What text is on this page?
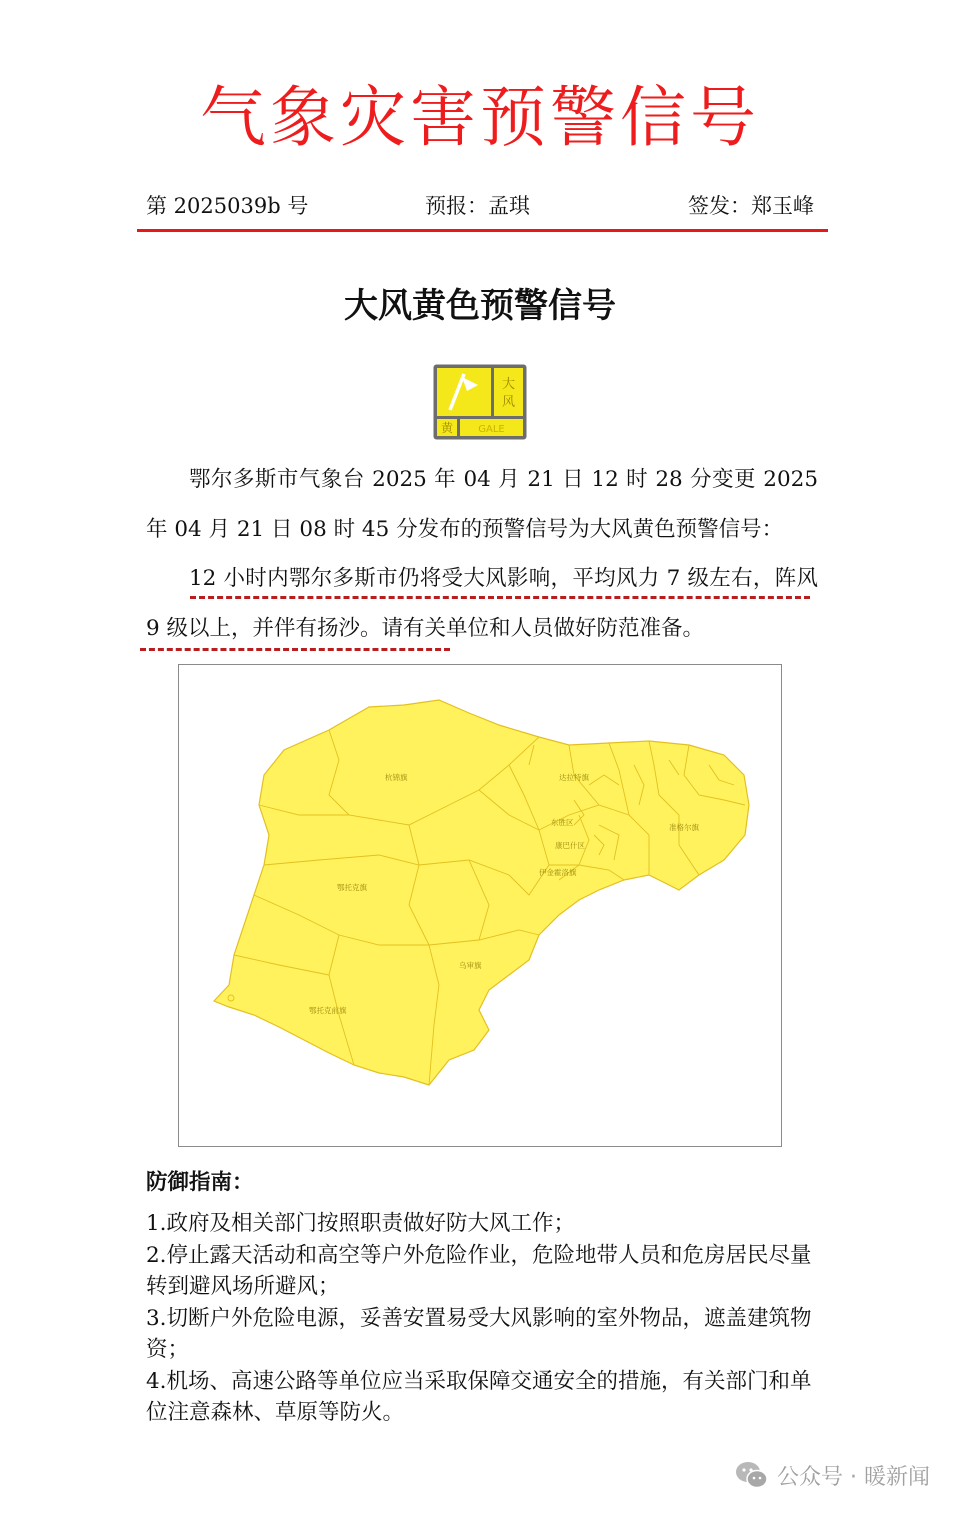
气象灾害预警信号
第 2025039b 号	预报：孟琪	签发：郑玉峰
大风黄色预警信号
大
风
黄	GALE
鄂尔多斯市气象台 2025 年 04 月 21 日 12 时 28 分变更 2025 年 04 月 21 日 08 时 45 分发布的预警信号为大风黄色预警信号：
12 小时内鄂尔多斯市仍将受大风影响，平均风力 7 级左右，阵风 9 级以上，并伴有扬沙。请有关单位和人员做好防范准备。
杭锦旗	达拉特旗
东胜区
康巴什区
伊金霍洛旗
准格尔旗
鄂托克旗
乌审旗
鄂托克前旗
防御指南：
1.政府及相关部门按照职责做好防大风工作；
2.停止露天活动和高空等户外危险作业，危险地带人员和危房居民尽量转到避风场所避风；
3.切断户外危险电源，妥善安置易受大风影响的室外物品，遮盖建筑物资；
4.机场、高速公路等单位应当采取保障交通安全的措施，有关部门和单位注意森林、草原等防火。
公众号 · 暖新闻
